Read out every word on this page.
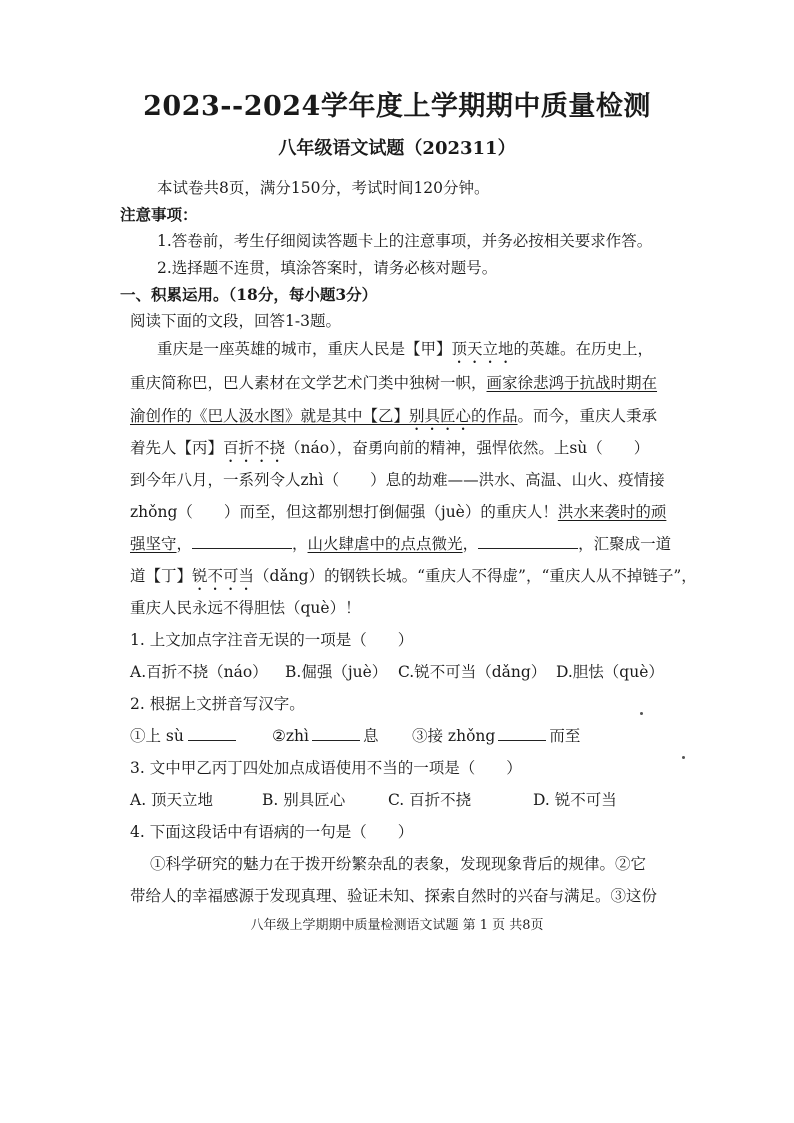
2023--2024学年度上学期期中质量检测
八年级语文试题（202311）
本试卷共8页，满分150分，考试时间120分钟。
注意事项：
1.答卷前，考生仔细阅读答题卡上的注意事项，并务必按相关要求作答。
2.选择题不连贯，填涂答案时，请务必核对题号。
一、积累运用。（18分，每小题3分）
阅读下面的文段，回答1-3题。
重庆是一座英雄的城市，重庆人民是【甲】顶天立地的英雄。在历史上，
重庆简称巴，巴人素材在文学艺术门类中独树一帜，画家徐悲鸿于抗战时期在
渝创作的《巴人汲水图》就是其中【乙】别具匠心的作品。而今，重庆人秉承
着先人【丙】百折不挠（náo），奋勇向前的精神，强悍依然。上sù（　　）
到今年八月，一系列令人zhì（　　）息的劫难——洪水、高温、山火、疫情接
zhǒng（　　）而至，但这都别想打倒倔强（juè）的重庆人！洪水来袭时的顽
强坚守，	，山火肆虐中的点点微光，	，汇聚成一道
道【丁】锐不可当（dǎng）的钢铁长城。“重庆人不得虚”，“重庆人从不掉链子”，
重庆人民永远不得胆怯（què）！
1. 上文加点字注音无误的一项是（　　）
A.百折不挠（náo） B.倔强（juè） C.锐不可当（dǎng） D.胆怯（què）
2. 根据上文拼音写汉字。
①上 sù	②zhì	息 ③接 zhǒng	而至
3. 文中甲乙丙丁四处加点成语使用不当的一项是（　　）
A. 顶天立地	B. 别具匠心	C. 百折不挠	D. 锐不可当
4. 下面这段话中有语病的一句是（　　）
①科学研究的魅力在于拨开纷繁杂乱的表象，发现现象背后的规律。②它
带给人的幸福感源于发现真理、验证未知、探索自然时的兴奋与满足。③这份
八年级上学期期中质量检测语文试题 第 1 页 共8页
